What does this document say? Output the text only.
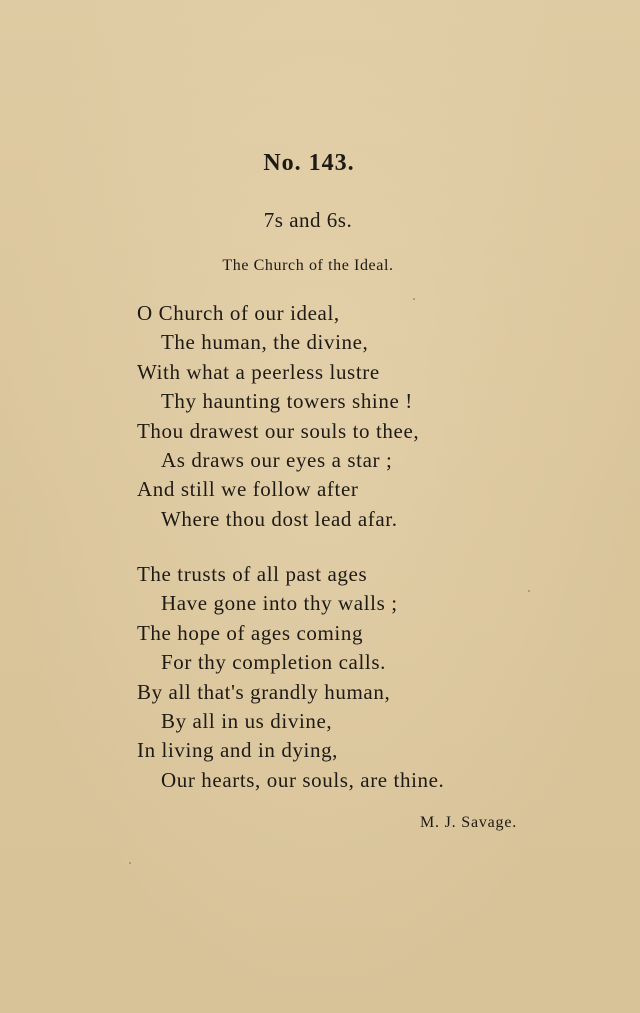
No. 143.
7s and 6s.
The Church of the Ideal.
O Church of our ideal,
The human, the divine,
With what a peerless lustre
Thy haunting towers shine !
Thou drawest our souls to thee,
As draws our eyes a star ;
And still we follow after
Where thou dost lead afar.
The trusts of all past ages
Have gone into thy walls ;
The hope of ages coming
For thy completion calls.
By all that's grandly human,
By all in us divine,
In living and in dying,
Our hearts, our souls, are thine.
M. J. Savage.
